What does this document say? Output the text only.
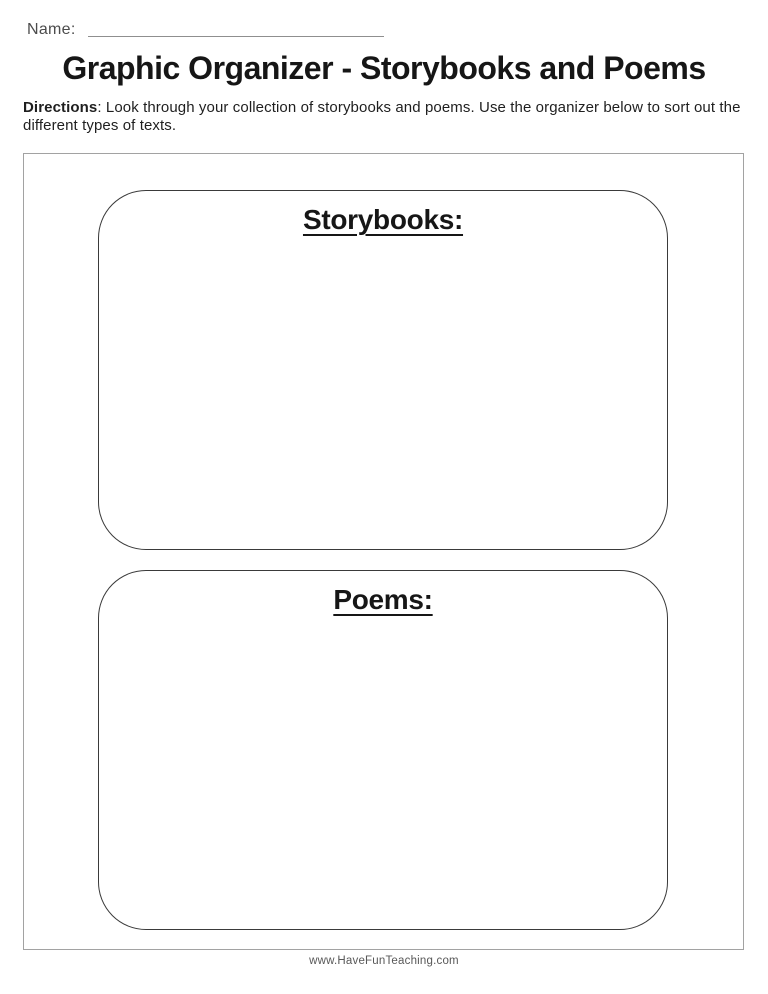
Name:
Graphic Organizer - Storybooks and Poems

Directions: Look through your collection of storybooks and poems. Use the organizer below to sort out the different types of texts.

Storybooks:
Poems:
www.HaveFunTeaching.com
